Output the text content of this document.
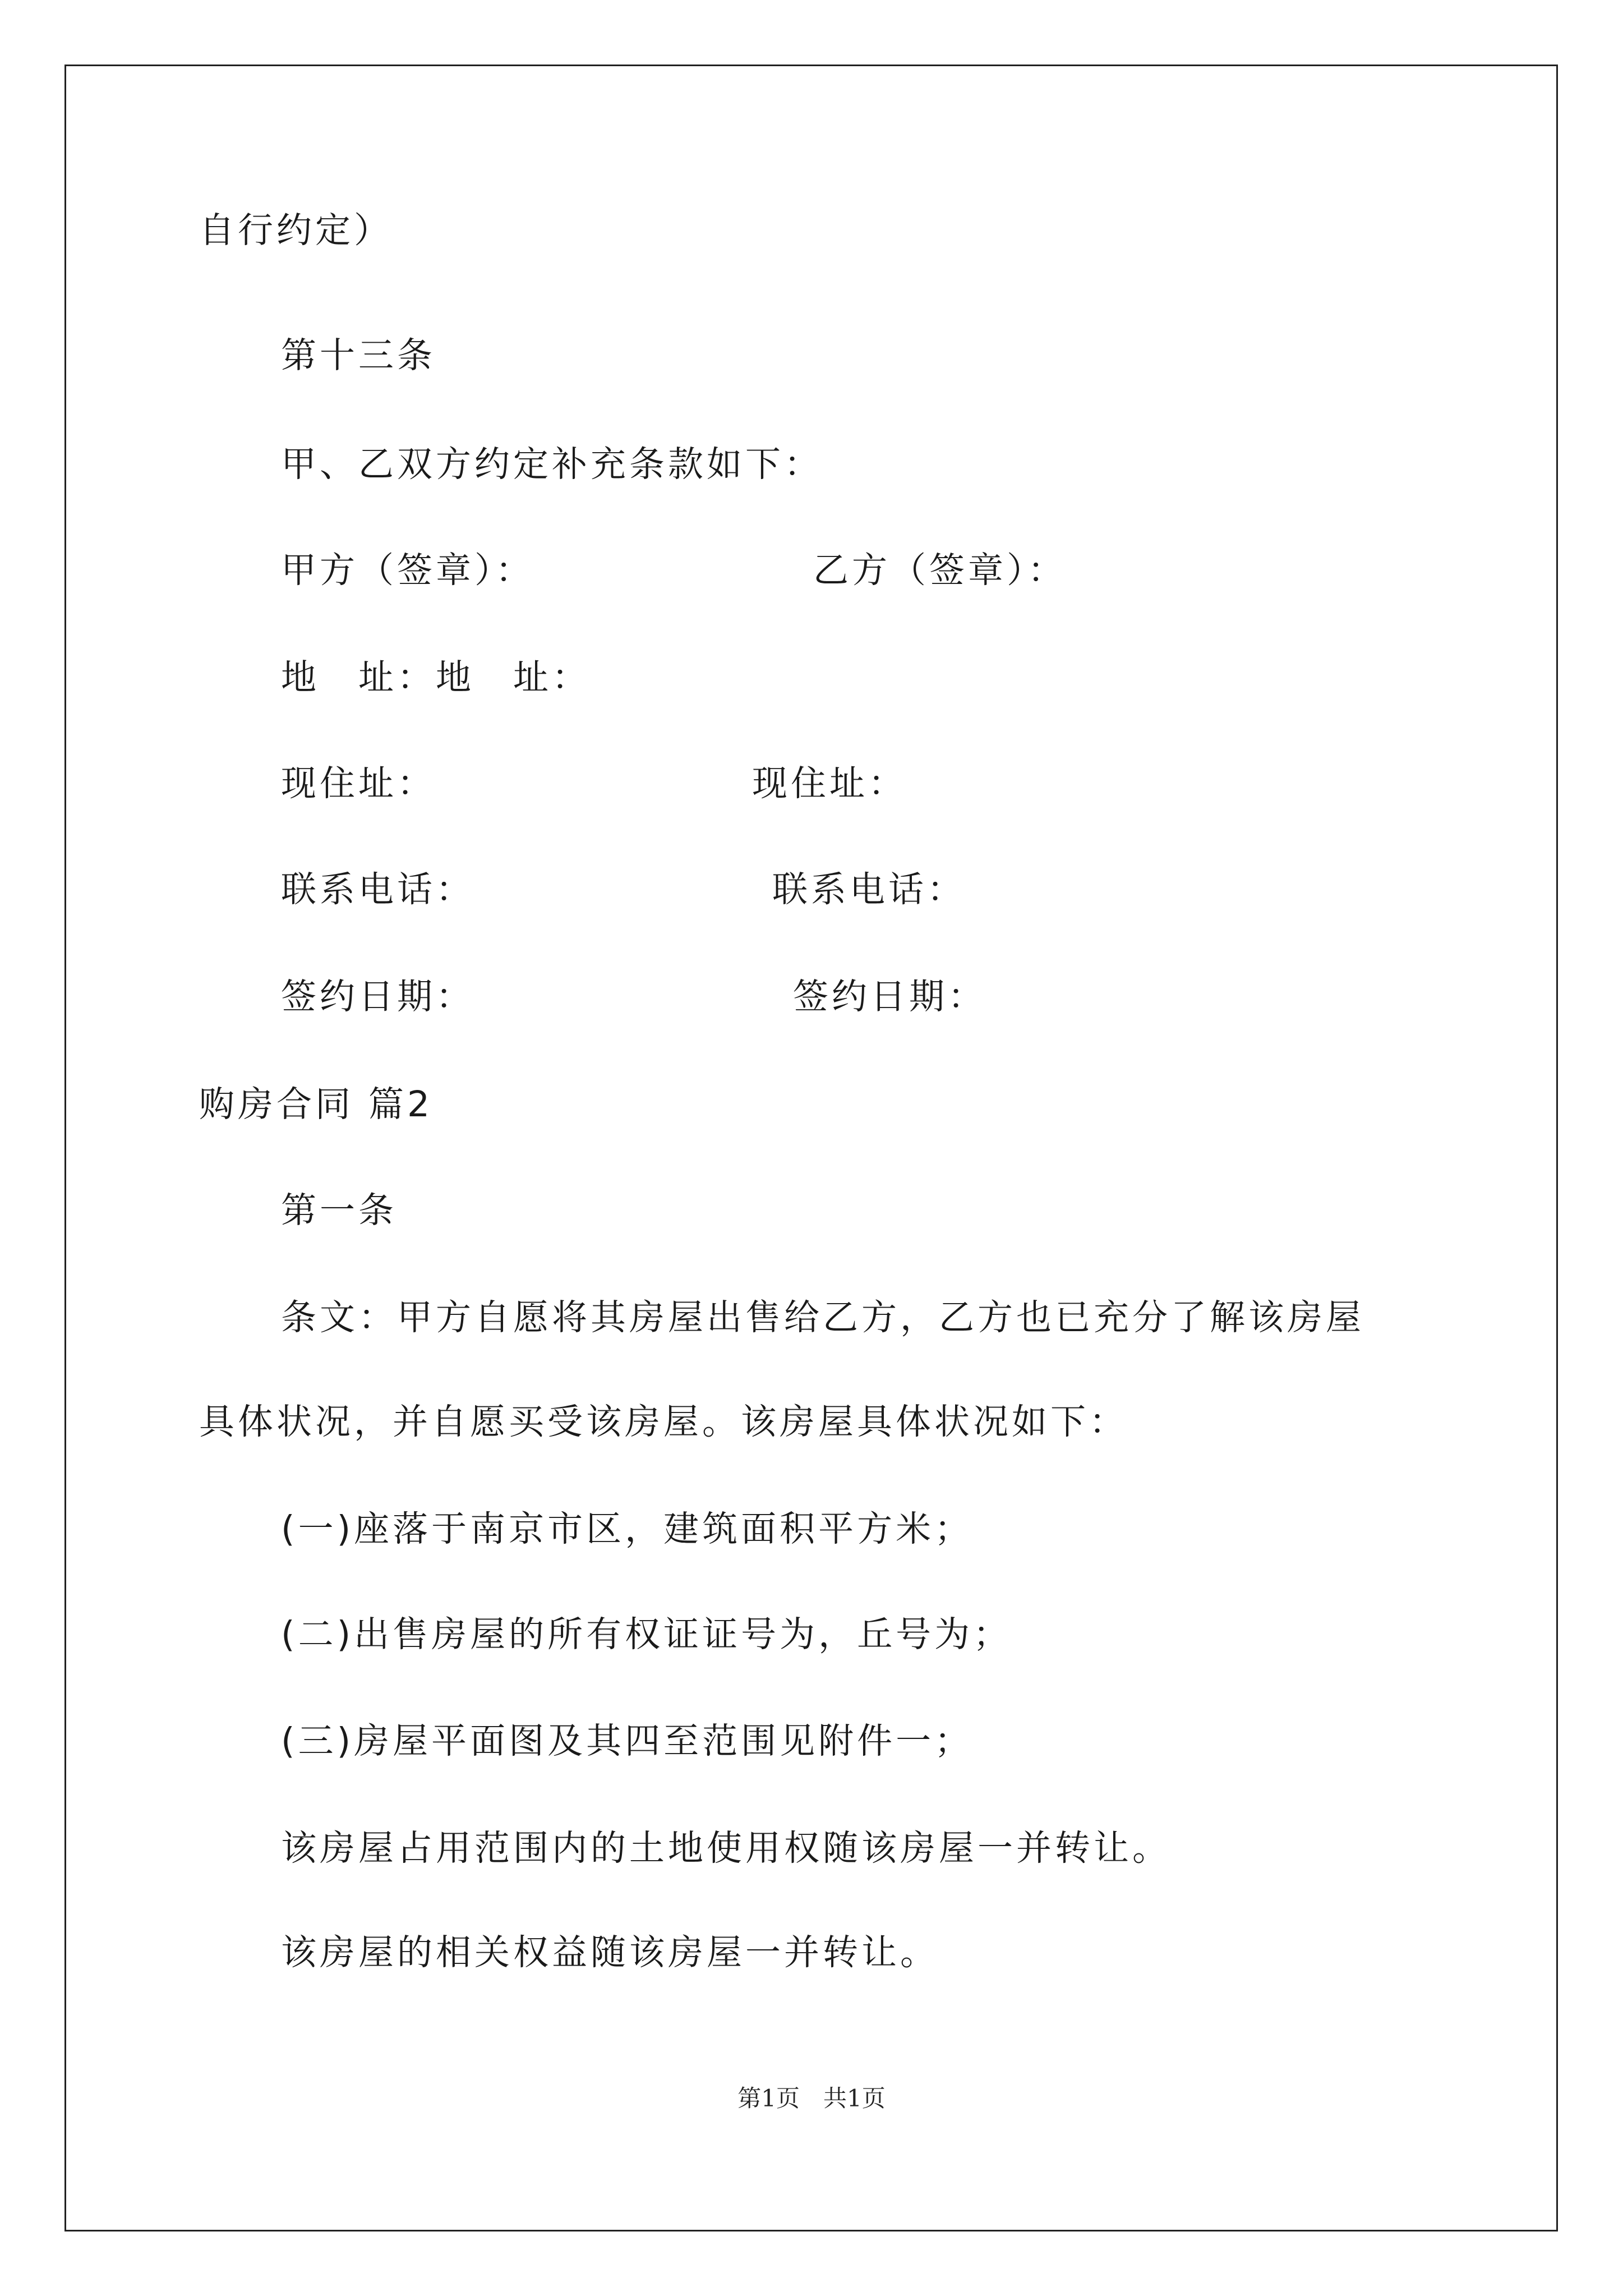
自行约定）
第十三条
甲、乙双方约定补充条款如下：
甲方（签章）：	乙方（签章）：
地　址：地　址：
现住址：	现住址：
联系电话：	联系电话：
签约日期：	签约日期：
购房合同 篇2
第一条
条文：甲方自愿将其房屋出售给乙方，乙方也已充分了解该房屋
具体状况，并自愿买受该房屋。该房屋具体状况如下：
(一)座落于南京市区，建筑面积平方米；
(二)出售房屋的所有权证证号为，丘号为；
(三)房屋平面图及其四至范围见附件一；
该房屋占用范围内的土地使用权随该房屋一并转让。
该房屋的相关权益随该房屋一并转让。
第1页　共1页
